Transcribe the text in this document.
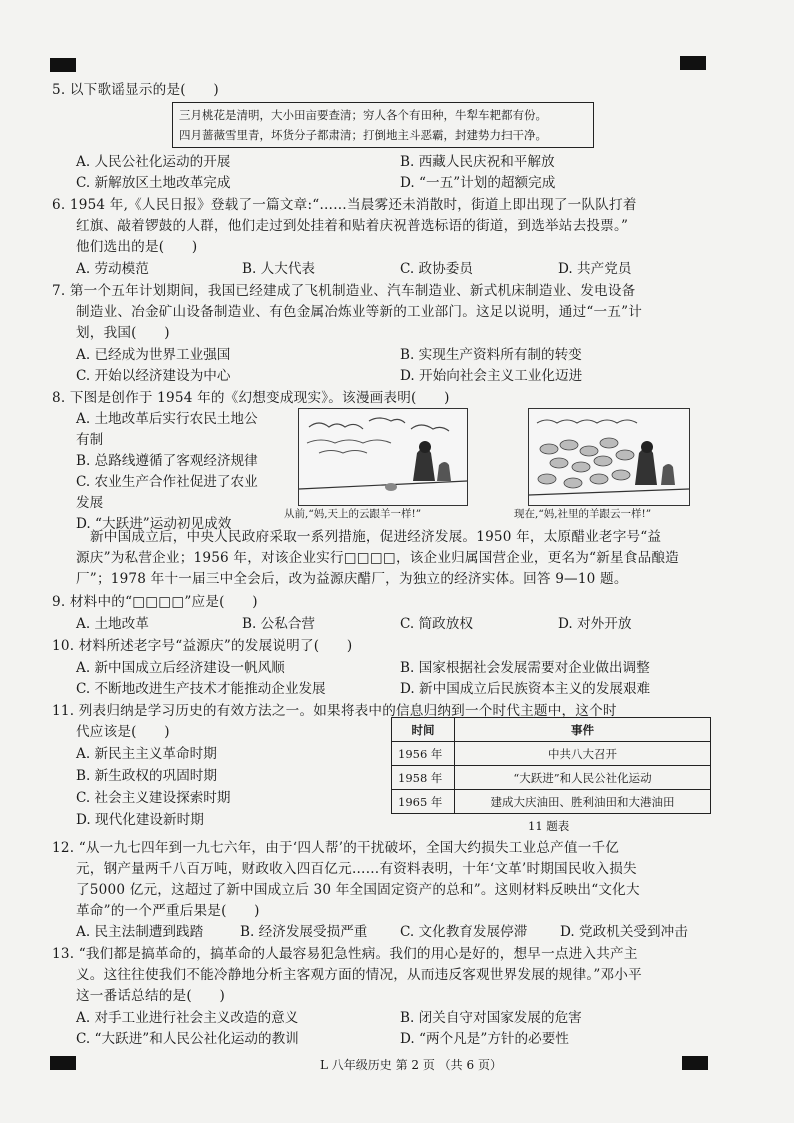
5. 以下歌谣显示的是(　　)
三月桃花是清明，大小田亩要查清；穷人各个有田种，牛犁车耙都有份。
四月蔷薇雪里青，坏货分子都肃清；打倒地主斗恶霸，封建势力扫干净。
A. 人民公社化运动的开展	B. 西藏人民庆祝和平解放
C. 新解放区土地改革完成	D. “一五”计划的超额完成
6. 1954 年,《人民日报》登载了一篇文章:“……当晨雾还未消散时，街道上即出现了一队队打着
红旗、敲着锣鼓的人群，他们走过到处挂着和贴着庆祝普选标语的街道，到选举站去投票。”
他们选出的是(　　)
A. 劳动模范	B. 人大代表	C. 政协委员	D. 共产党员
7. 第一个五年计划期间，我国已经建成了飞机制造业、汽车制造业、新式机床制造业、发电设备
制造业、冶金矿山设备制造业、有色金属冶炼业等新的工业部门。这足以说明，通过“一五”计
划，我国(　　)
A. 已经成为世界工业强国	B. 实现生产资料所有制的转变
C. 开始以经济建设为中心	D. 开始向社会主义工业化迈进
8. 下图是创作于 1954 年的《幻想变成现实》。该漫画表明(　　)
A. 土地改革后实行农民土地公
有制
B. 总路线遵循了客观经济规律
C. 农业生产合作社促进了农业
发展
D. “大跃进”运动初见成效
从前,“妈,天上的云跟羊一样!”	现在,“妈,社里的羊跟云一样!”
新中国成立后，中央人民政府采取一系列措施，促进经济发展。1950 年，太原醋业老字号“益
源庆”为私营企业；1956 年，对该企业实行□□□□，该企业归属国营企业，更名为“新星食品酿造
厂”；1978 年十一届三中全会后，改为益源庆醋厂，为独立的经济实体。回答 9—10 题。
9. 材料中的“□□□□”应是(　　)
A. 土地改革	B. 公私合营	C. 简政放权	D. 对外开放
10. 材料所述老字号“益源庆”的发展说明了(　　)
A. 新中国成立后经济建设一帆风顺	B. 国家根据社会发展需要对企业做出调整
C. 不断地改进生产技术才能推动企业发展	D. 新中国成立后民族资本主义的发展艰难
11. 列表归纳是学习历史的有效方法之一。如果将表中的信息归纳到一个时代主题中，这个时
代应该是(　　)
A. 新民主主义革命时期
B. 新生政权的巩固时期
C. 社会主义建设探索时期
D. 现代化建设新时期
时间	事件
1956 年	中共八大召开
1958 年	“大跃进”和人民公社化运动
1965 年	建成大庆油田、胜利油田和大港油田
11 题表
12. “从一九七四年到一九七六年，由于‘四人帮’的干扰破坏，全国大约损失工业总产值一千亿
元，钢产量两千八百万吨，财政收入四百亿元……有资料表明，十年‘文革’时期国民收入损失
了5000 亿元，这超过了新中国成立后 30 年全国固定资产的总和”。这则材料反映出“文化大
革命”的一个严重后果是(　　)
A. 民主法制遭到践踏	B. 经济发展受损严重 C. 文化教育发展停滞 D. 党政机关受到冲击
13. “我们都是搞革命的，搞革命的人最容易犯急性病。我们的用心是好的，想早一点进入共产主
义。这往往使我们不能冷静地分析主客观方面的情况，从而违反客观世界发展的规律。”邓小平
这一番话总结的是(　　)
A. 对手工业进行社会主义改造的意义	B. 闭关自守对国家发展的危害
C. “大跃进”和人民公社化运动的教训	D. “两个凡是”方针的必要性
L 八年级历史 第 2 页 （共 6 页）
